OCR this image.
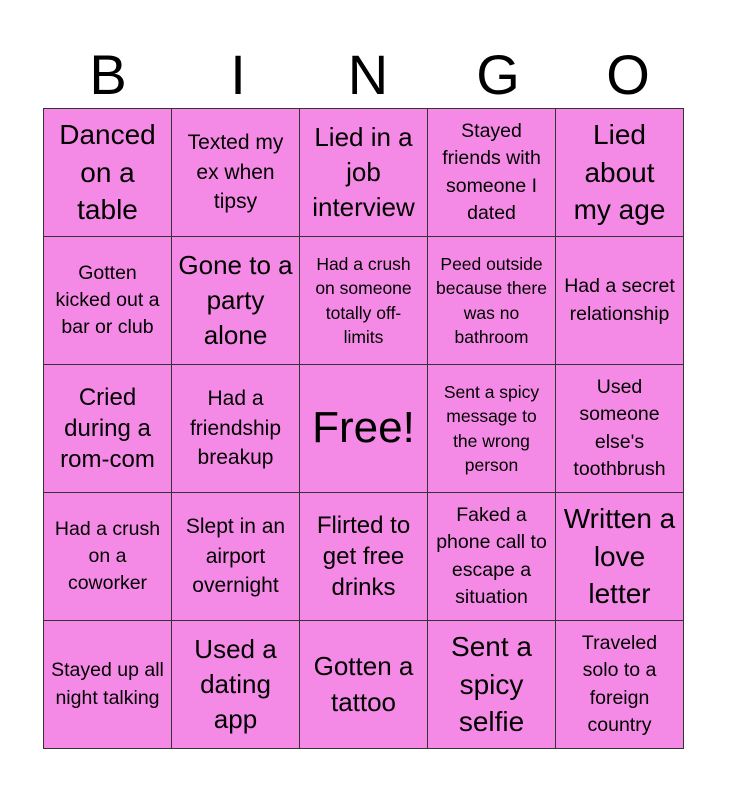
B	I	N	G	O
Danced on a table	Texted my ex when tipsy	Lied in a job interview	Stayed friends with someone I dated	Lied about my age
Gotten kicked out a bar or club	Gone to a party alone	Had a crush on someone totally off-limits	Peed outside because there was no bathroom	Had a secret relationship
Cried during a rom-com	Had a friendship breakup	Free!	Sent a spicy message to the wrong person	Used someone else's toothbrush
Had a crush on a coworker	Slept in an airport overnight	Flirted to get free drinks	Faked a phone call to escape a situation	Written a love letter
Stayed up all night talking	Used a dating app	Gotten a tattoo	Sent a spicy selfie	Traveled solo to a foreign country
